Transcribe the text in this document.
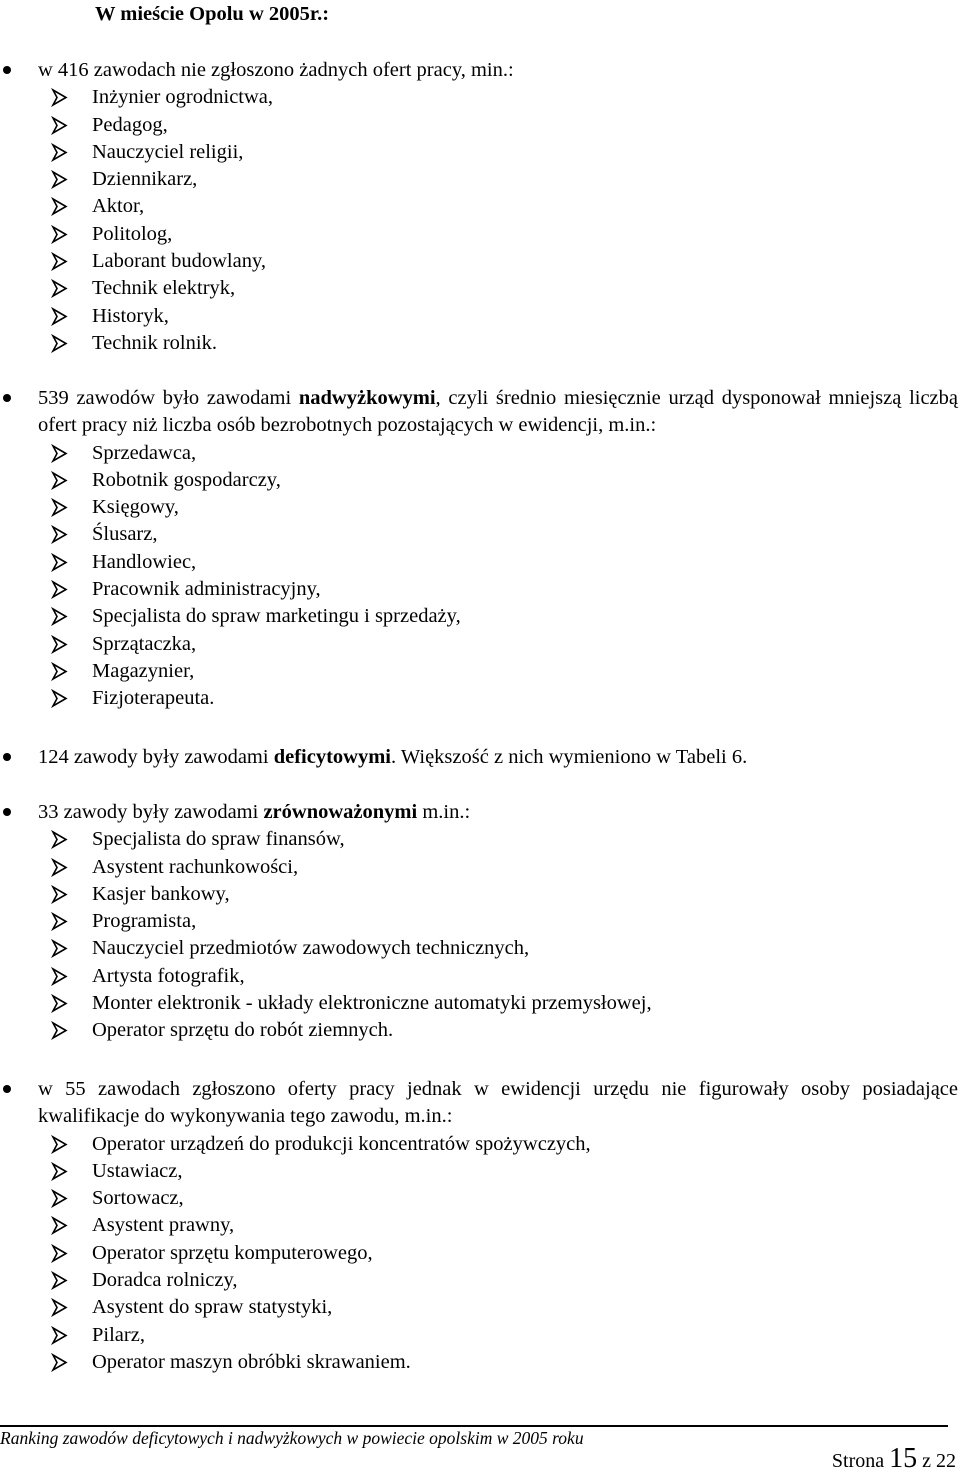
W mieście Opolu w 2005r.:

w 416 zawodach nie zgłoszono żadnych ofert pracy, min.:

Inżynier ogrodnictwa,
Pedagog,
Nauczyciel religii,
Dziennikarz,
Aktor,
Politolog,
Laborant budowlany,
Technik elektryk,
Historyk,
Technik rolnik.

539 zawodów było zawodami nadwyżkowymi, czyli średnio miesięcznie urząd dysponował mniejszą liczbą ofert pracy niż liczba osób bezrobotnych pozostających w ewidencji, m.in.:

Sprzedawca,
Robotnik gospodarczy,
Księgowy,
Ślusarz,
Handlowiec,
Pracownik administracyjny,
Specjalista do spraw marketingu i sprzedaży,
Sprzątaczka,
Magazynier,
Fizjoterapeuta.

124 zawody były zawodami deficytowymi. Większość z nich wymieniono w Tabeli 6.

33 zawody były zawodami zrównoważonymi m.in.:

Specjalista do spraw finansów,
Asystent rachunkowości,
Kasjer bankowy,
Programista,
Nauczyciel przedmiotów zawodowych technicznych,
Artysta fotografik,
Monter elektronik - układy elektroniczne automatyki przemysłowej,
Operator sprzętu do robót ziemnych.

w 55 zawodach zgłoszono oferty pracy jednak w ewidencji urzędu nie figurowały osoby posiadające kwalifikacje do wykonywania tego zawodu, m.in.:

Operator urządzeń do produkcji koncentratów spożywczych,
Ustawiacz,
Sortowacz,
Asystent prawny,
Operator sprzętu komputerowego,
Doradca rolniczy,
Asystent do spraw statystyki,
Pilarz,
Operator maszyn obróbki skrawaniem.
Ranking zawodów deficytowych i nadwyżkowych w powiecie opolskim w 2005 roku
Strona 15 z 22
